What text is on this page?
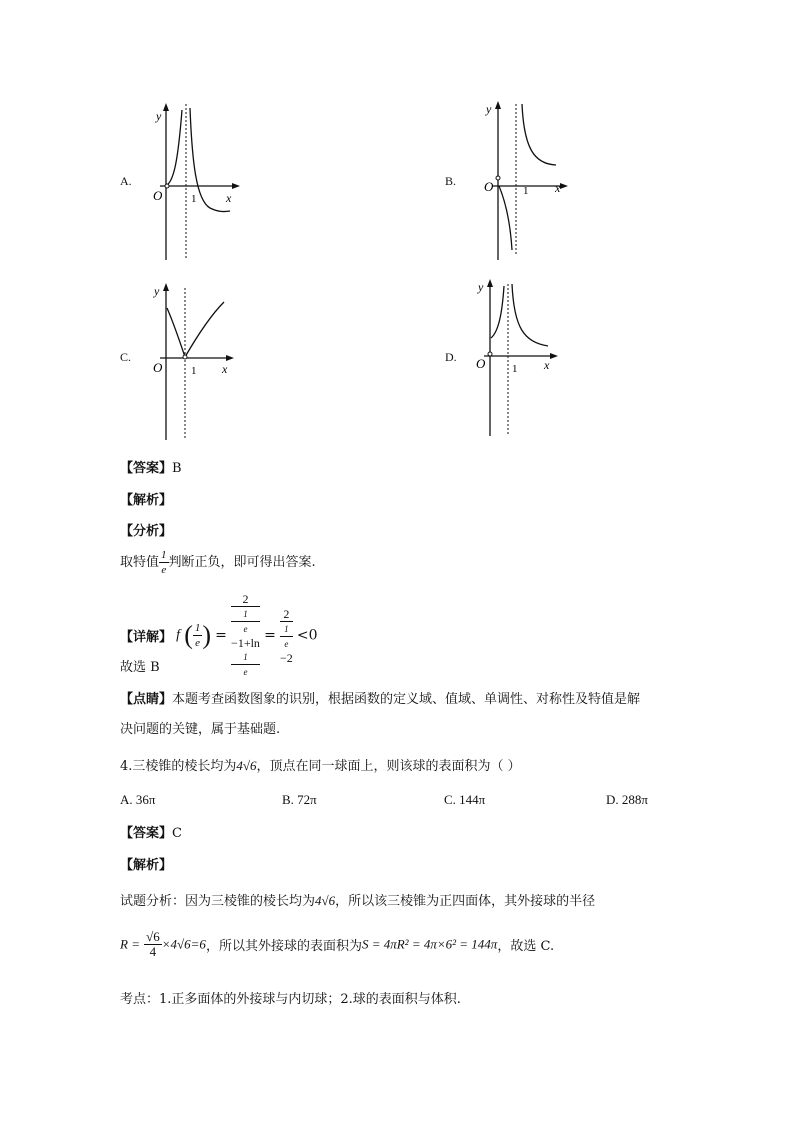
A.
y
x
O	1
B.
y
x
O	1
C.
y
x
O	1
D.
y
x
O 1
【答案】B
【解析】
【分析】
取特值 $\frac{1}{e}$ 判断正负，即可得出答案.
【详解】 f ( $\frac{1}{e}$ ) = 2
1
e
−1+ln
1
e = 2
1
e
−2 <0
故选 B
【点睛】本题考查函数图象的识别，根据函数的定义域、值域、单调性、对称性及特值是解
决问题的关键，属于基础题.
4.三棱锥的棱长均为4√6，顶点在同一球面上，则该球的表面积为（ ）
A. 36π	B. 72π	C. 144π	D. 288π
【答案】C
【解析】
试题分析：因为三棱锥的棱长均为4√6，所以该三棱锥为正四面体，其外接球的半径
$R = \frac{√6}{4} \times 4√6=6$，所以其外接球的表面积为S = 4πR² = 4π×6² = 144π，故选 C.
考点：1.正多面体的外接球与内切球；2.球的表面积与体积.
